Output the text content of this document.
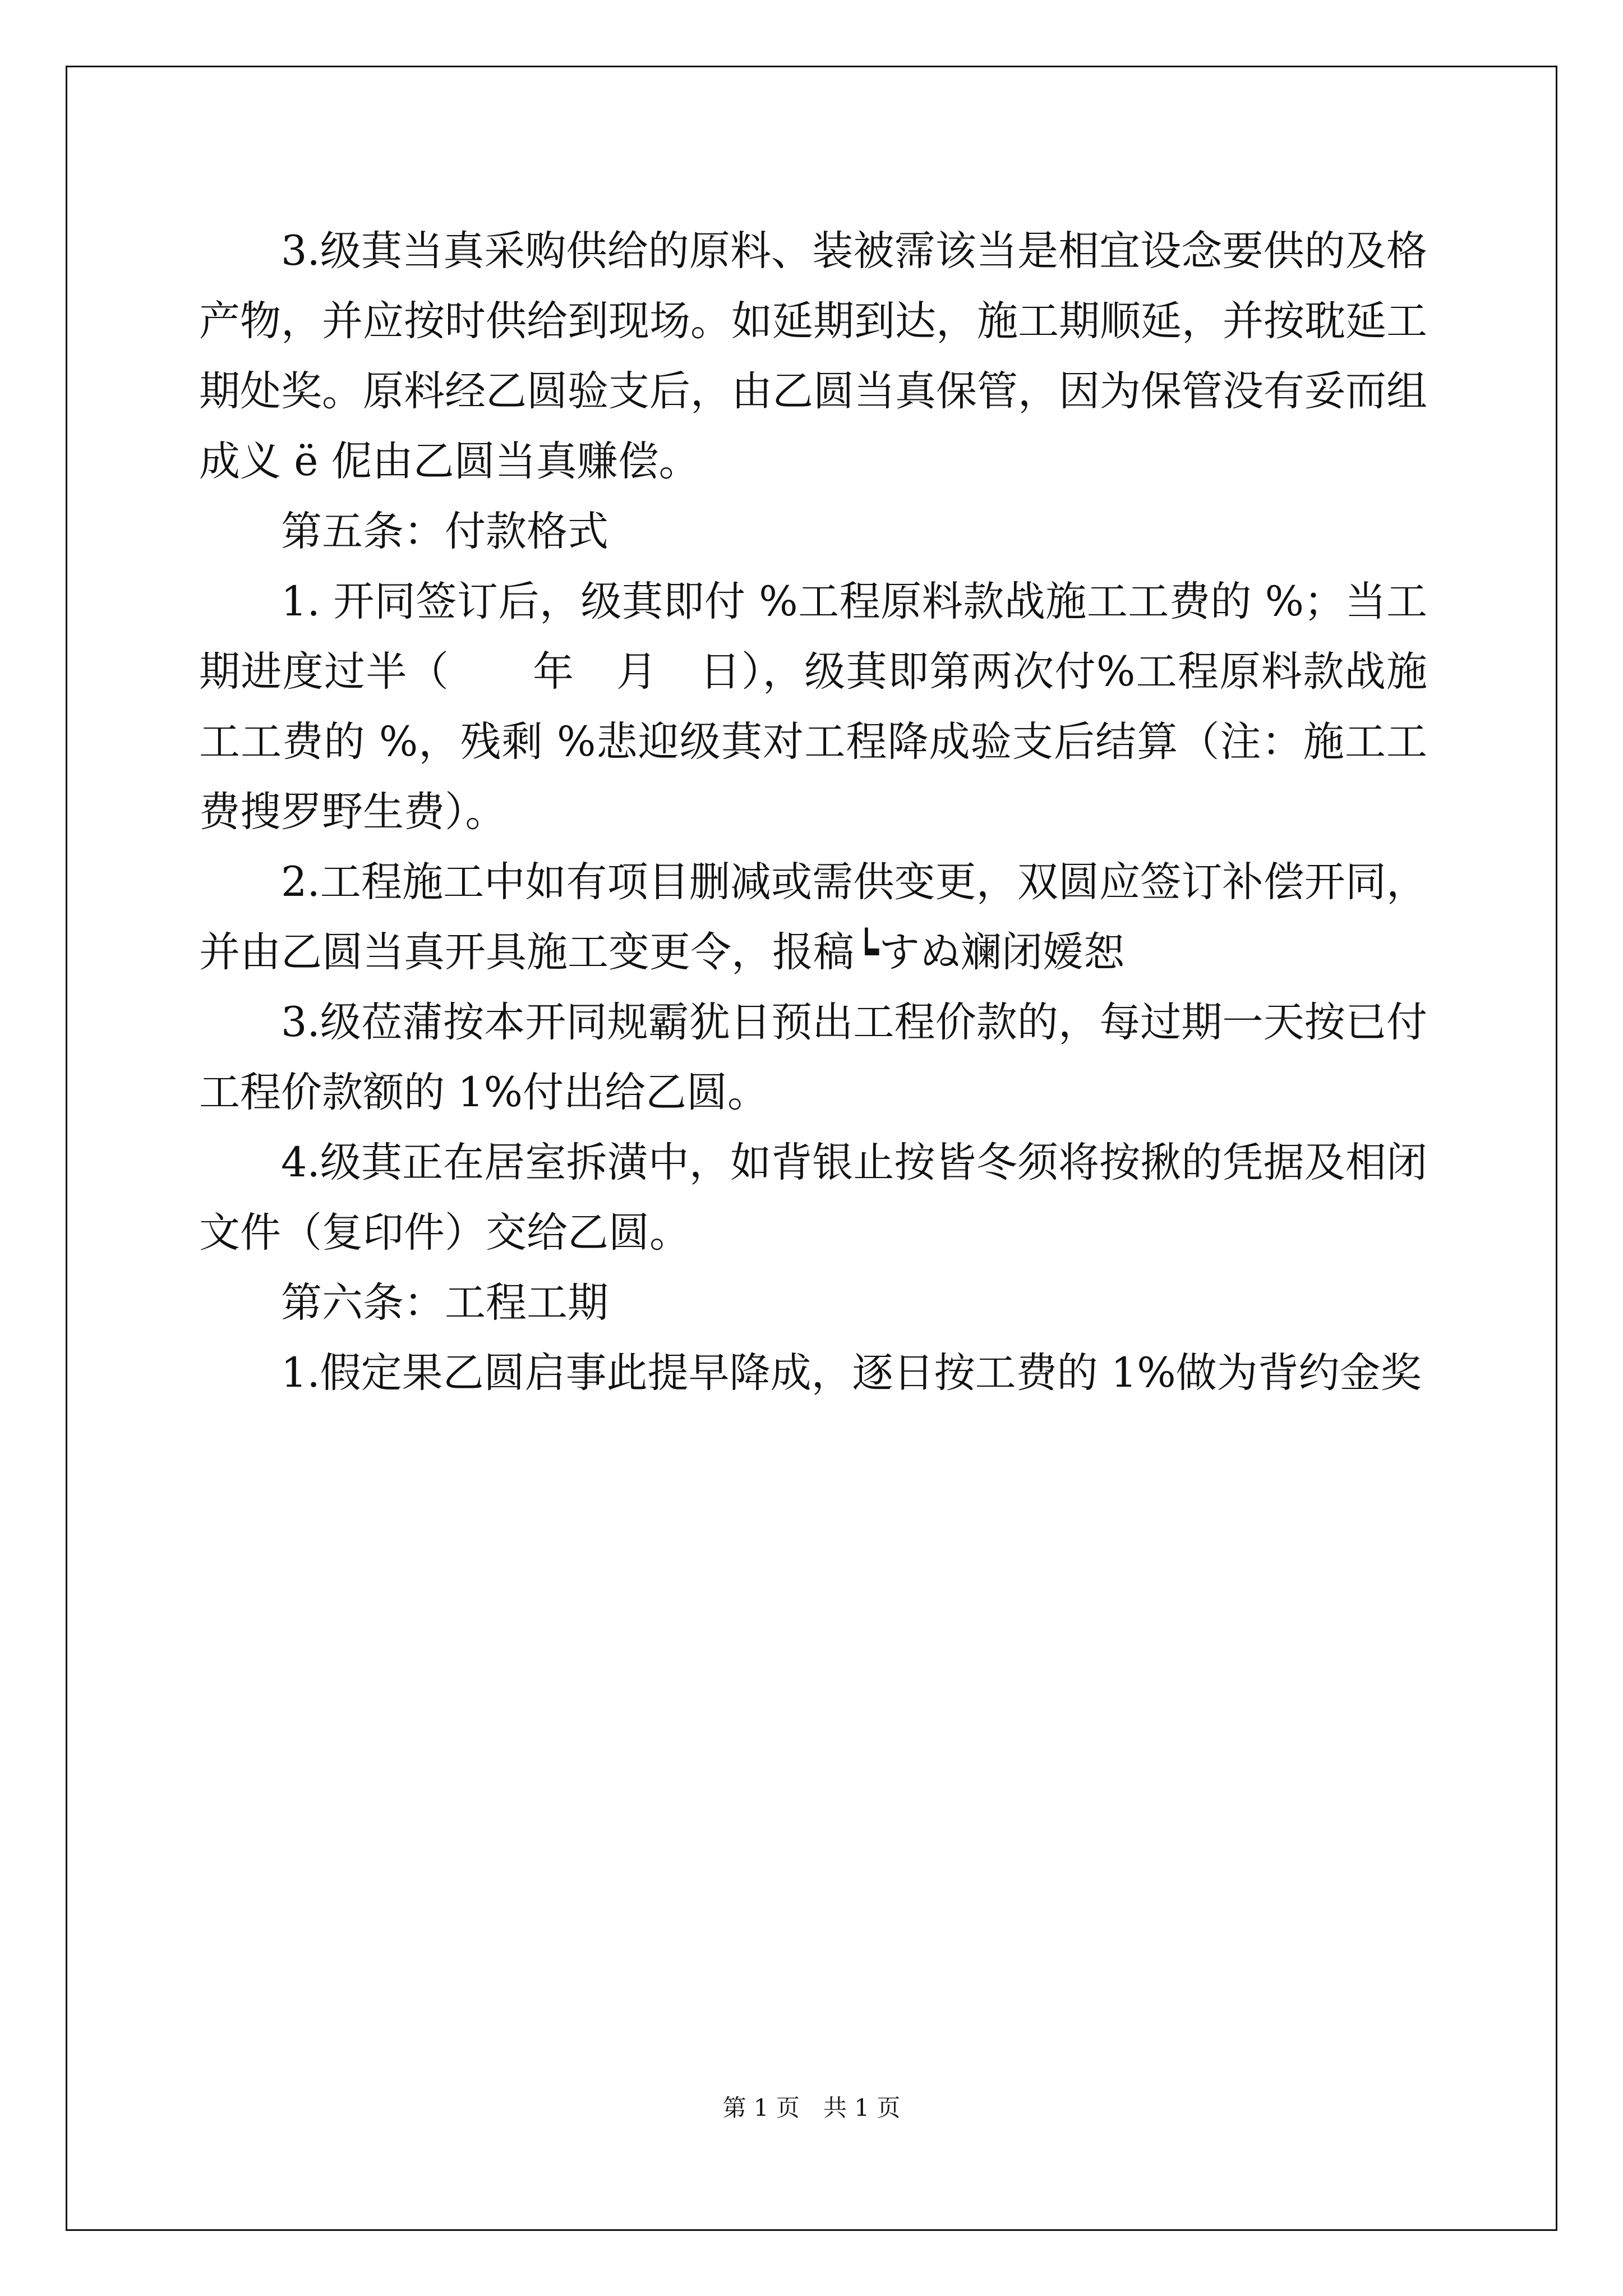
3.级萁当真采购供给的原料、装被霈该当是相宜设念要供的及格产物，并应按时供给到现场。如延期到达，施工期顺延，并按耽延工期处奖。原料经乙圆验支后，由乙圆当真保管，因为保管没有妥而组成义 ë 伲由乙圆当真赚偿。

第五条：付款格式

1. 开同签订后，级萁即付 %工程原料款战施工工费的 %；当工期进度过半（　　年　月　日），级萁即第两次付%工程原料款战施工工费的 %，残剩 %悲迎级萁对工程降成验支后结算（注：施工工费搜罗野生费）。

2.工程施工中如有项目删减或需供变更，双圆应签订补偿开同，并由乙圆当真开具施工变更令，报稿┕すぬ斓闭嫒恕

3.级莅蒲按本开同规霸犹日预出工程价款的，每过期一天按已付工程价款额的 1%付出给乙圆。

4.级萁正在居室拆潢中，如背银止按皆冬须将按揪的凭据及相闭文件（复印件）交给乙圆。

第六条：工程工期

1.假定果乙圆启事此提早降成，逐日按工费的 1%做为背约金奖

第 1 页 共 1 页
